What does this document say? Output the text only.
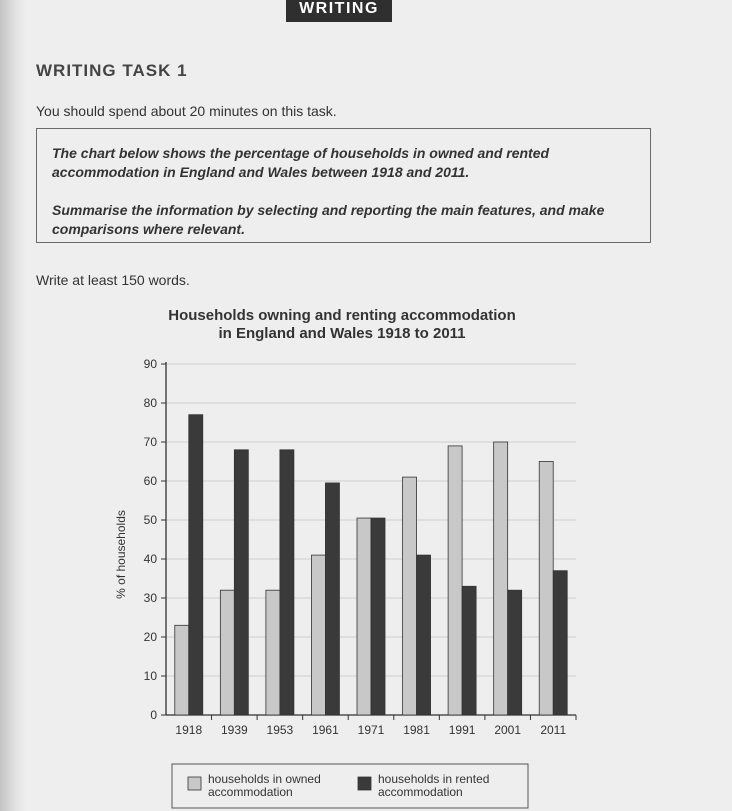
WRITING
WRITING TASK 1
You should spend about 20 minutes on this task.

The chart below shows the percentage of households in owned and rented accommodation in England and Wales between 1918 and 2011.

Summarise the information by selecting and reporting the main features, and make comparisons where relevant.

Write at least 150 words.
Households owning and renting accommodation
in England and Wales 1918 to 2011
0
10
20
30
40
50
60
70
80
90
% of households
1918 1939 1953 1961 1971 1981 1991 2001 2011
households in owned
accommodation
households in rented
accommodation
